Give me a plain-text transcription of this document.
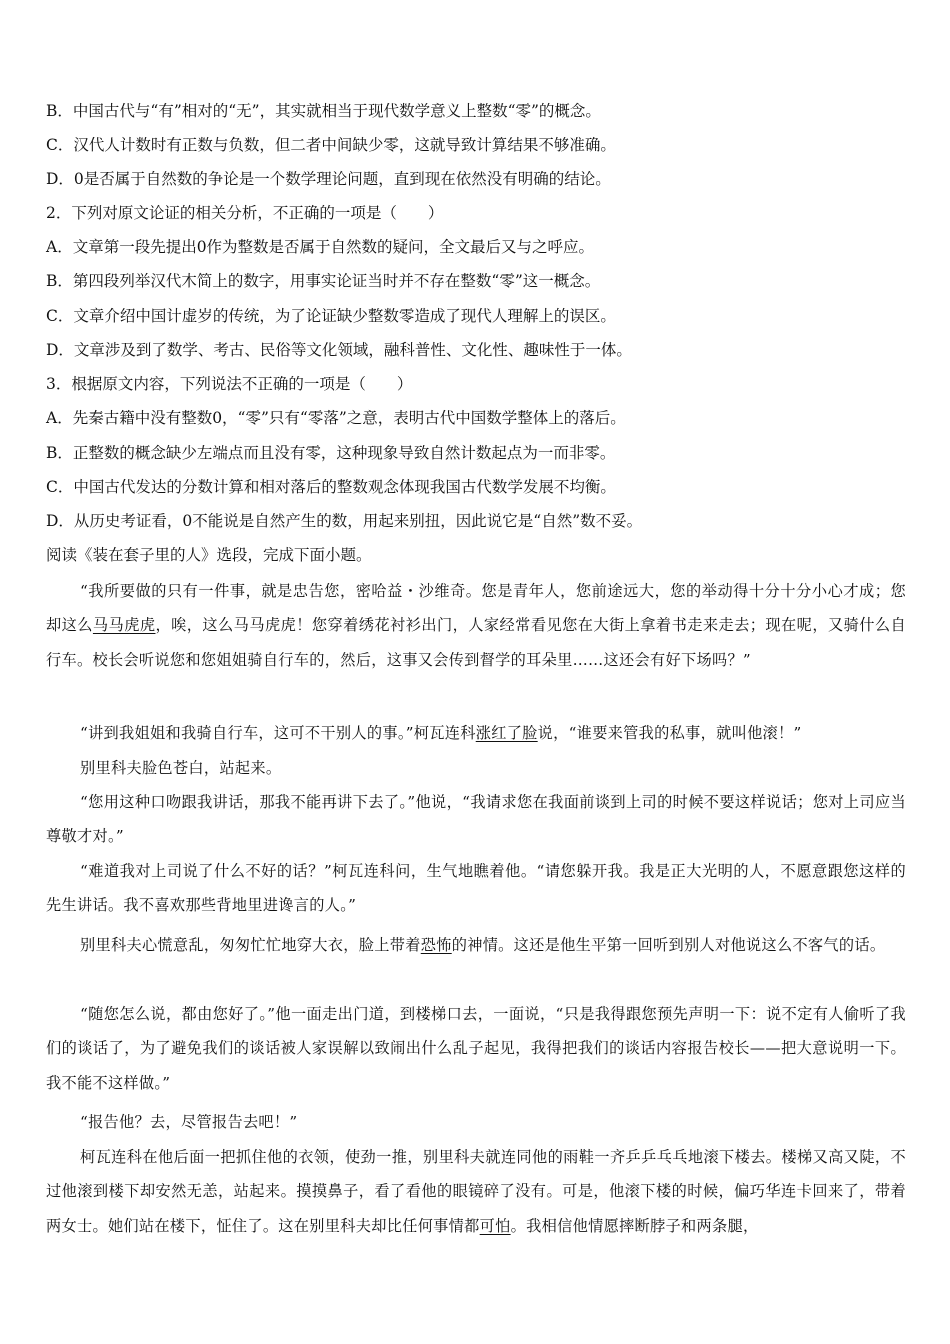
B．中国古代与“有”相对的“无”，其实就相当于现代数学意义上整数“零”的概念。
C．汉代人计数时有正数与负数，但二者中间缺少零，这就导致计算结果不够准确。
D．0是否属于自然数的争论是一个数学理论问题，直到现在依然没有明确的结论。
2．下列对原文论证的相关分析，不正确的一项是（　　）
A．文章第一段先提出0作为整数是否属于自然数的疑问，全文最后又与之呼应。
B．第四段列举汉代木简上的数字，用事实论证当时并不存在整数“零”这一概念。
C．文章介绍中国计虚岁的传统，为了论证缺少整数零造成了现代人理解上的误区。
D．文章涉及到了数学、考古、民俗等文化领域，融科普性、文化性、趣味性于一体。
3．根据原文内容，下列说法不正确的一项是（　　）
A．先秦古籍中没有整数0，“零”只有“零落”之意，表明古代中国数学整体上的落后。
B．正整数的概念缺少左端点而且没有零，这种现象导致自然计数起点为一而非零。
C．中国古代发达的分数计算和相对落后的整数观念体现我国古代数学发展不均衡。
D．从历史考证看，0不能说是自然产生的数，用起来别扭，因此说它是“自然”数不妥。
阅读《装在套子里的人》选段，完成下面小题。
“我所要做的只有一件事，就是忠告您，密哈益・沙维奇。您是青年人，您前途远大，您的举动得十分十分小心才成；您却这么马马虎虎，唉，这么马马虎虎！您穿着绣花衬衫出门，人家经常看见您在大街上拿着书走来走去；现在呢，又骑什么自行车。校长会听说您和您姐姐骑自行车的，然后，这事又会传到督学的耳朵里……这还会有好下场吗？”
“讲到我姐姐和我骑自行车，这可不干别人的事。”柯瓦连科涨红了脸说，“谁要来管我的私事，就叫他滚！”
别里科夫脸色苍白，站起来。
“您用这种口吻跟我讲话，那我不能再讲下去了。”他说，“我请求您在我面前谈到上司的时候不要这样说话；您对上司应当尊敬才对。”
“难道我对上司说了什么不好的话？”柯瓦连科问，生气地瞧着他。“请您躲开我。我是正大光明的人，不愿意跟您这样的先生讲话。我不喜欢那些背地里进谗言的人。”
别里科夫心慌意乱，匆匆忙忙地穿大衣，脸上带着恐怖的神情。这还是他生平第一回听到别人对他说这么不客气的话。
“随您怎么说，都由您好了。”他一面走出门道，到楼梯口去，一面说，“只是我得跟您预先声明一下：说不定有人偷听了我们的谈话了，为了避免我们的谈话被人家误解以致闹出什么乱子起见，我得把我们的谈话内容报告校长——把大意说明一下。我不能不这样做。”
“报告他？去，尽管报告去吧！”
柯瓦连科在他后面一把抓住他的衣领，使劲一推，别里科夫就连同他的雨鞋一齐乒乒乓乓地滚下楼去。楼梯又高又陡，不过他滚到楼下却安然无恙，站起来。摸摸鼻子，看了看他的眼镜碎了没有。可是，他滚下楼的时候，偏巧华连卡回来了，带着两女士。她们站在楼下，怔住了。这在别里科夫却比任何事情都可怕。我相信他情愿摔断脖子和两条腿，
